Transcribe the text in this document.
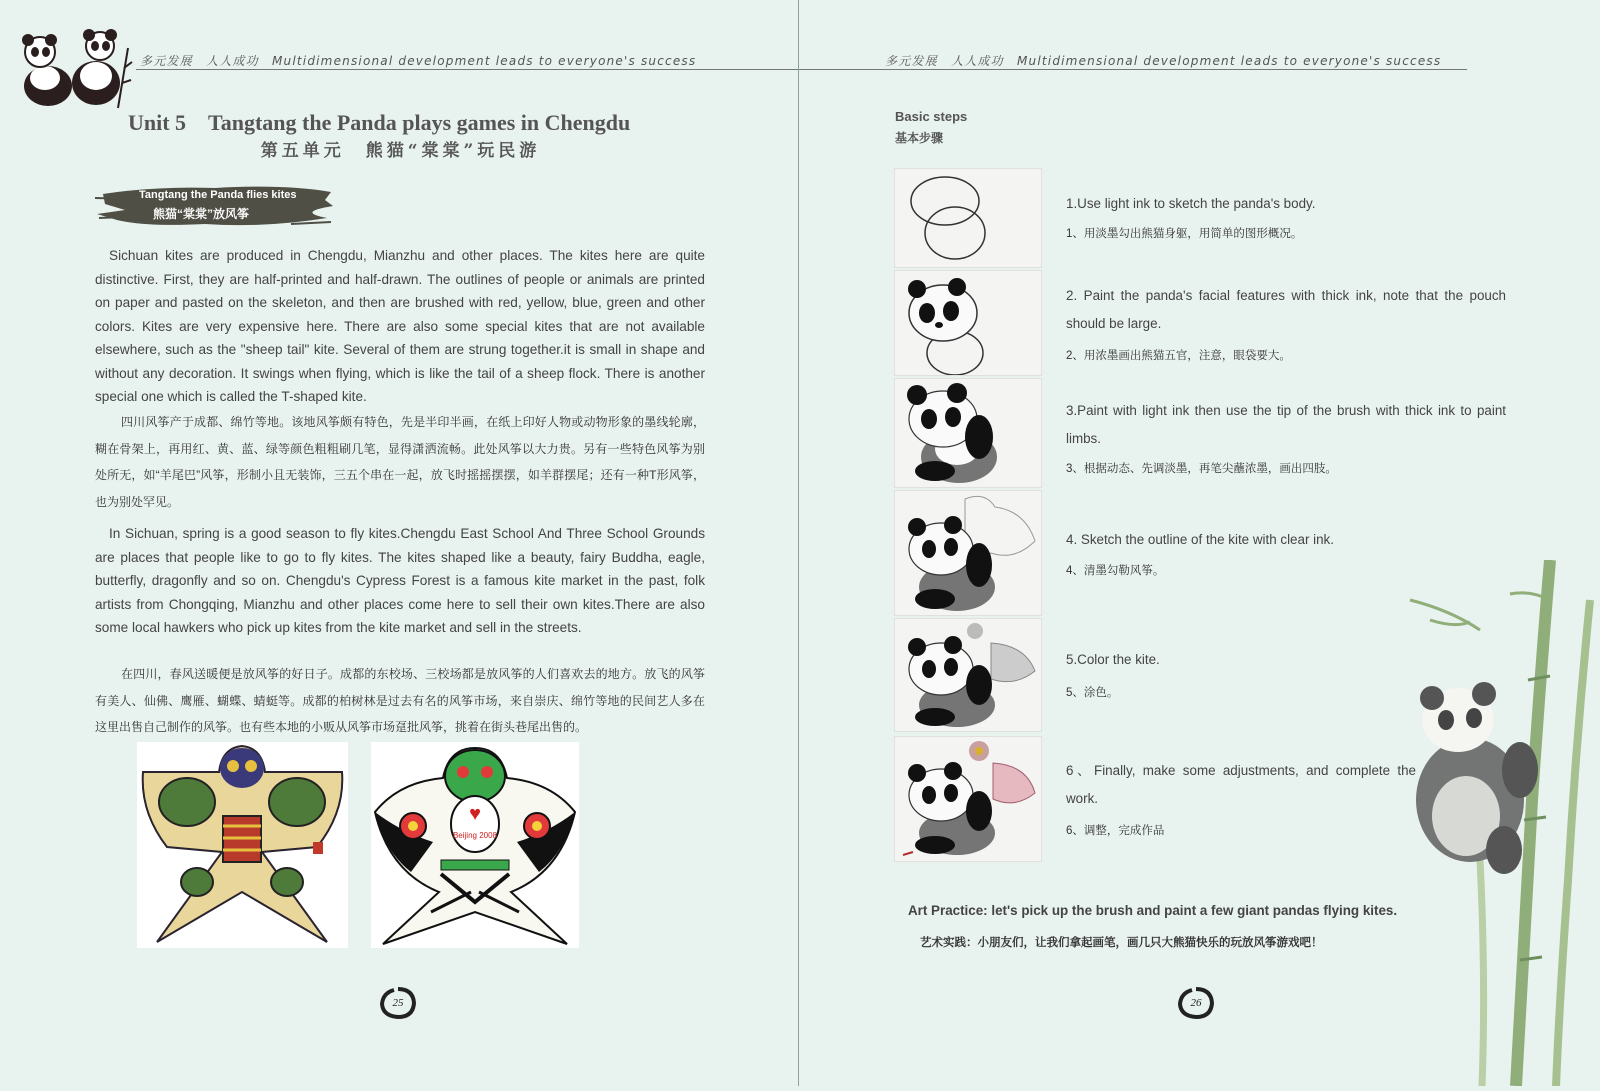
多元发展　人人成功　Multidimensional development leads to everyone's success
Unit 5　Tangtang the Panda plays games in Chengdu
第五单元　熊猫“棠棠”玩民游
Tangtang the Panda flies kites
熊猫“棠棠”放风筝
Sichuan kites are produced in Chengdu, Mianzhu and other places. The kites here are quite distinctive. First, they are half-printed and half-drawn. The outlines of people or animals are printed on paper and pasted on the skeleton, and then are brushed with red, yellow, blue, green and other colors. Kites are very expensive here. There are also some special kites that are not available elsewhere, such as the "sheep tail" kite. Several of them are strung together.it is small in shape and without any decoration. It swings when flying, which is like the tail of a sheep flock. There is another special one which is called the T-shaped kite.
四川风筝产于成都、绵竹等地。该地风筝颇有特色，先是半印半画，在纸上印好人物或动物形象的墨线轮廓，糊在骨架上，再用红、黄、蓝、绿等颜色粗粗刷几笔，显得潇洒流畅。此处风筝以大力贵。另有一些特色风筝为别处所无，如“羊尾巴”风筝，形制小且无装饰，三五个串在一起，放飞时摇摇摆摆，如羊群摆尾；还有一种T形风筝，也为别处罕见。
In Sichuan, spring is a good season to fly kites.Chengdu East School And Three School Grounds are places that people like to go to fly kites. The kites shaped like a beauty, fairy Buddha, eagle, butterfly, dragonfly and so on. Chengdu's Cypress Forest is a famous kite market in the past, folk artists from Chongqing, Mianzhu and other places come here to sell their own kites.There are also some local hawkers who pick up kites from the kite market and sell in the streets.
在四川，春风送暖便是放风筝的好日子。成都的东校场、三校场都是放风筝的人们喜欢去的地方。放飞的风筝有美人、仙佛、鹰雁、蝴蝶、蜻蜓等。成都的柏树林是过去有名的风筝市场，来自崇庆、绵竹等地的民间艺人多在这里出售自己制作的风筝。也有些本地的小贩从风筝市场趸批风筝，挑着在街头巷尾出售的。
♥
Beijing 2008
25
多元发展　人人成功　Multidimensional development leads to everyone's success
Basic steps
基本步骤
1.Use light ink to sketch the panda's body.
1、用淡墨勾出熊猫身躯，用简单的图形概况。
2. Paint the panda's facial features with thick ink, note that the pouch should be large.
2、用浓墨画出熊猫五官，注意，眼袋要大。
3.Paint with light ink then use the tip of the brush with thick ink to paint limbs.
3、根据动态、先调淡墨，再笔尖蘸浓墨，画出四肢。
4. Sketch the outline of the kite with clear ink.
4、清墨勾勒风筝。
5.Color the kite.
5、涂色。
6、Finally, make some adjustments, and complete the work.
6、调整，完成作品
Art Practice: let's pick up the brush and paint a few giant pandas flying kites.
艺术实践：小朋友们，让我们拿起画笔，画几只大熊猫快乐的玩放风筝游戏吧！
26
